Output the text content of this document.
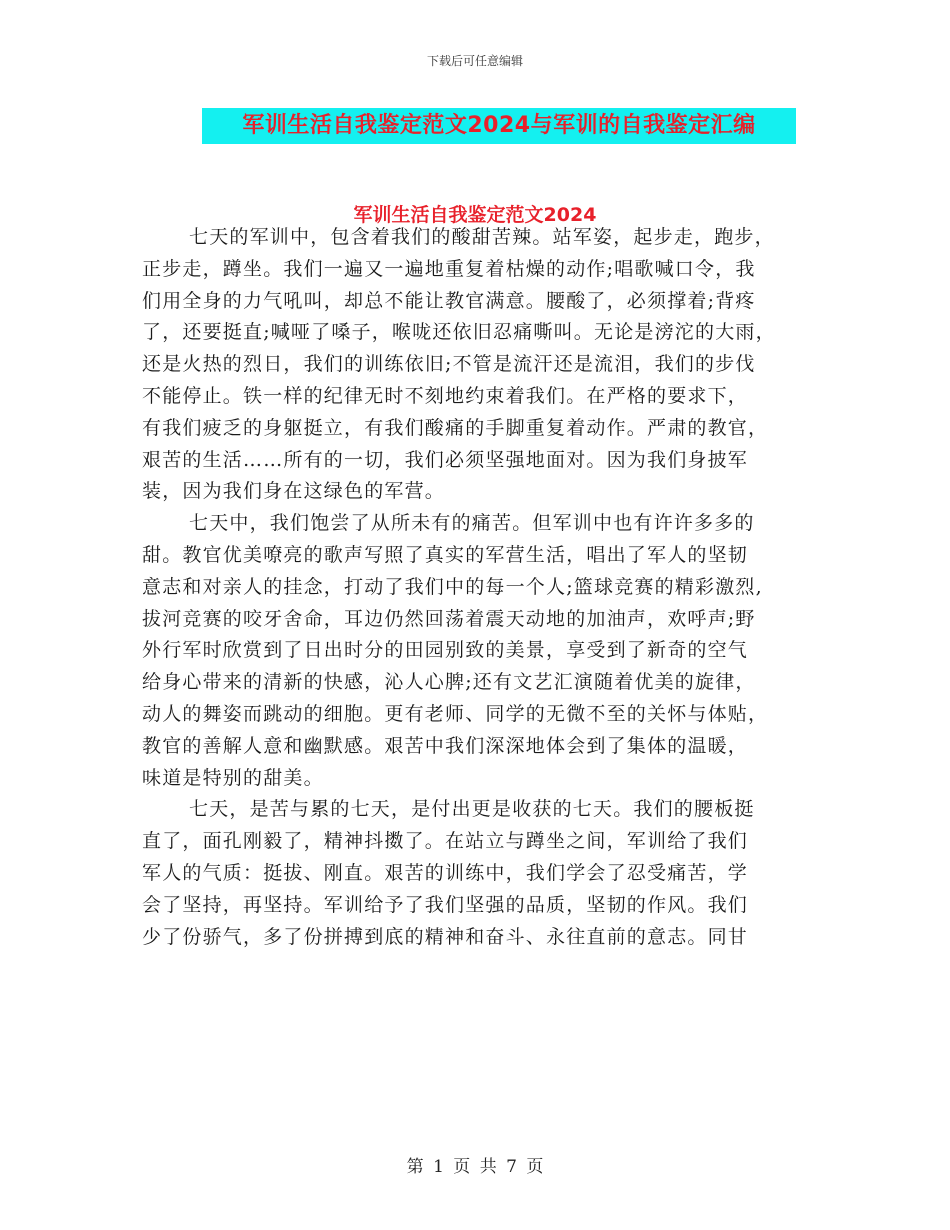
下载后可任意编辑
军训生活自我鉴定范文2024与军训的自我鉴定汇编
军训生活自我鉴定范文2024
七天的军训中，包含着我们的酸甜苦辣。站军姿，起步走，跑步，
正步走，蹲坐。我们一遍又一遍地重复着枯燥的动作;唱歌喊口令，我
们用全身的力气吼叫，却总不能让教官满意。腰酸了，必须撑着;背疼
了，还要挺直;喊哑了嗓子，喉咙还依旧忍痛嘶叫。无论是滂沱的大雨，
还是火热的烈日，我们的训练依旧;不管是流汗还是流泪，我们的步伐
不能停止。铁一样的纪律无时不刻地约束着我们。在严格的要求下，
有我们疲乏的身躯挺立，有我们酸痛的手脚重复着动作。严肃的教官，
艰苦的生活……所有的一切，我们必须坚强地面对。因为我们身披军
装，因为我们身在这绿色的军营。
七天中，我们饱尝了从所未有的痛苦。但军训中也有许许多多的
甜。教官优美嘹亮的歌声写照了真实的军营生活，唱出了军人的坚韧
意志和对亲人的挂念，打动了我们中的每一个人;篮球竞赛的精彩激烈,
拔河竞赛的咬牙舍命，耳边仍然回荡着震天动地的加油声，欢呼声;野
外行军时欣赏到了日出时分的田园别致的美景，享受到了新奇的空气
给身心带来的清新的快感，沁人心脾;还有文艺汇演随着优美的旋律，
动人的舞姿而跳动的细胞。更有老师、同学的无微不至的关怀与体贴，
教官的善解人意和幽默感。艰苦中我们深深地体会到了集体的温暖，
味道是特别的甜美。
七天，是苦与累的七天，是付出更是收获的七天。我们的腰板挺
直了，面孔刚毅了，精神抖擞了。在站立与蹲坐之间，军训给了我们
军人的气质：挺拔、刚直。艰苦的训练中，我们学会了忍受痛苦，学
会了坚持，再坚持。军训给予了我们坚强的品质，坚韧的作风。我们
少了份骄气，多了份拼搏到底的精神和奋斗、永往直前的意志。同甘
第 1 页 共 7 页
